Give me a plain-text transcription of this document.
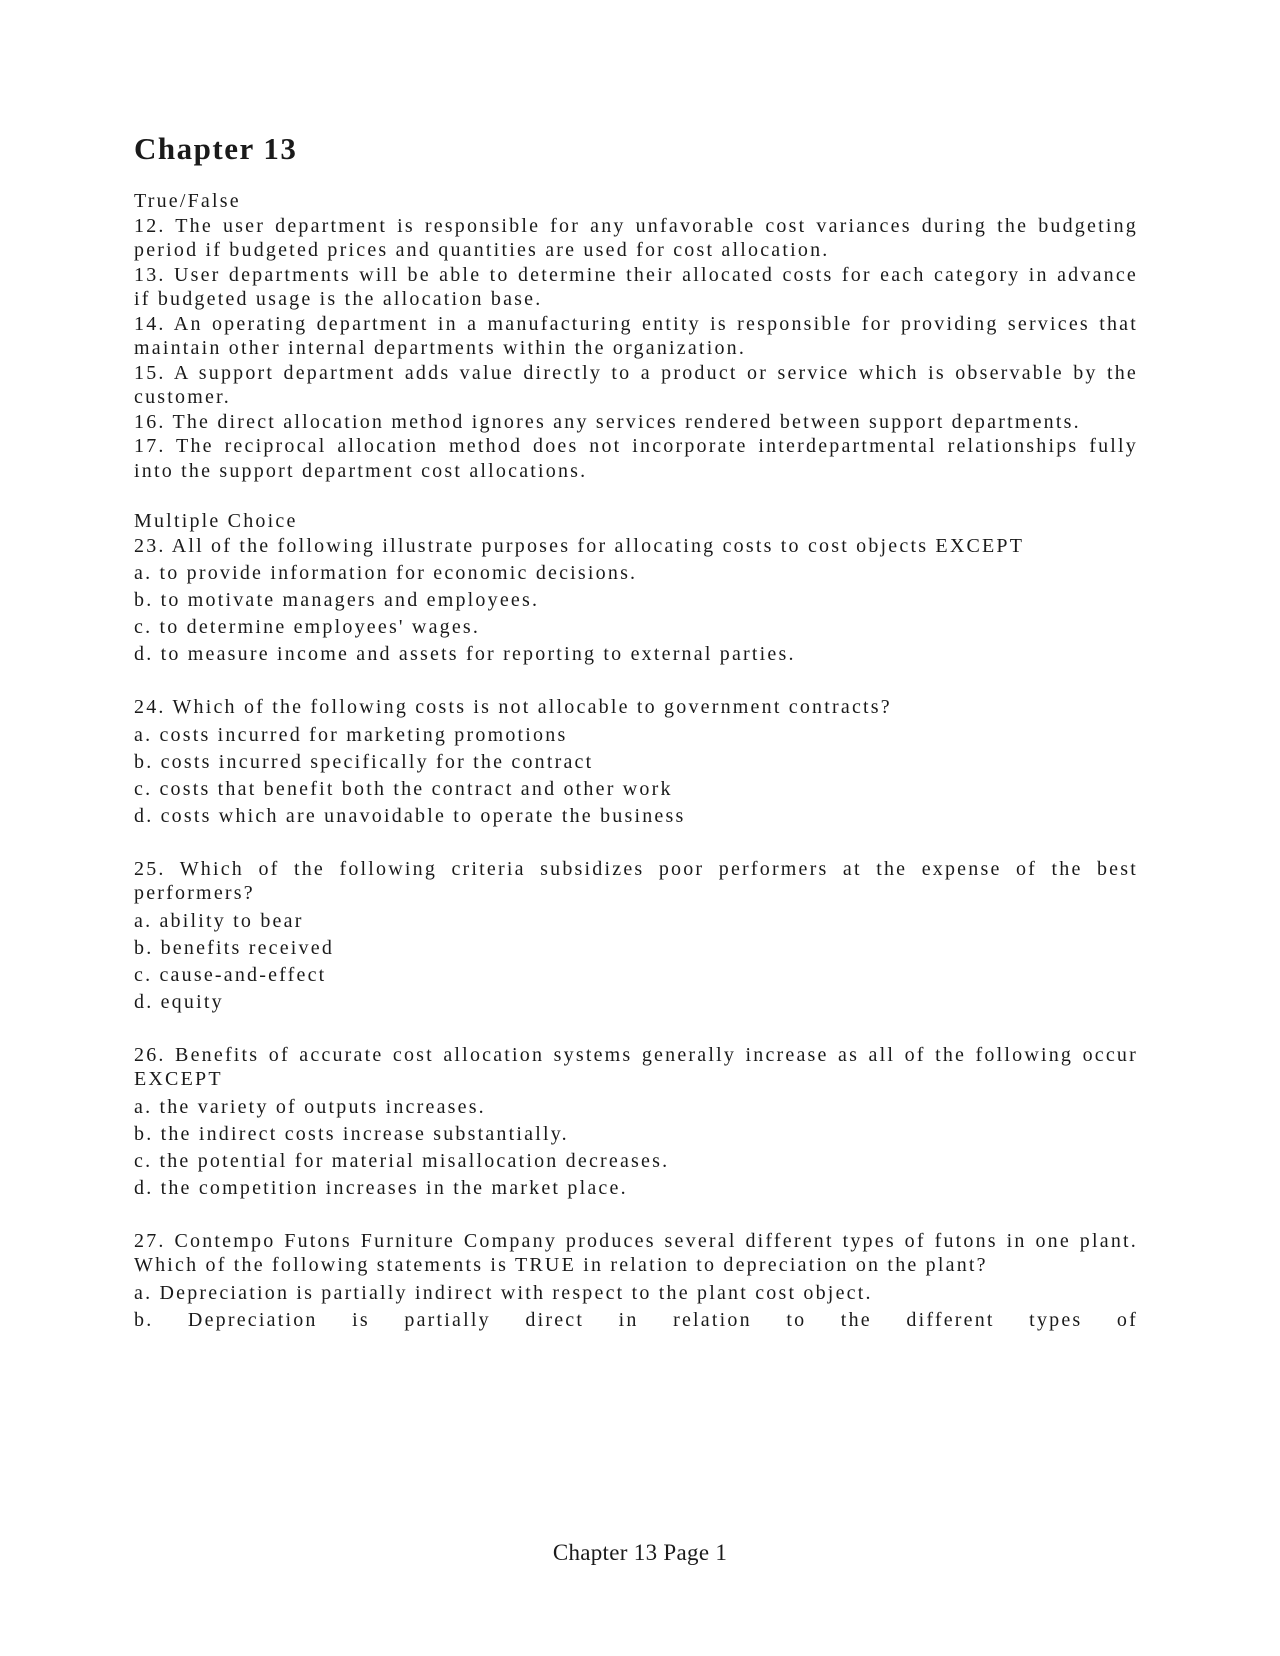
Chapter 13

True/False

12. The user department is responsible for any unfavorable cost variances during the budgeting period if budgeted prices and quantities are used for cost allocation.

13. User departments will be able to determine their allocated costs for each category in advance if budgeted usage is the allocation base.

14. An operating department in a manufacturing entity is responsible for providing services that maintain other internal departments within the organization.

15. A support department adds value directly to a product or service which is observable by the customer.

16. The direct allocation method ignores any services rendered between support departments.

17. The reciprocal allocation method does not incorporate interdepartmental relationships fully into the support department cost allocations.

Multiple Choice

23. All of the following illustrate purposes for allocating costs to cost objects EXCEPT

a. to provide information for economic decisions.

b. to motivate managers and employees.

c. to determine employees' wages.

d. to measure income and assets for reporting to external parties.

24. Which of the following costs is not allocable to government contracts?

a. costs incurred for marketing promotions

b. costs incurred specifically for the contract

c. costs that benefit both the contract and other work

d. costs which are unavoidable to operate the business

25. Which of the following criteria subsidizes poor performers at the expense of the best performers?

a. ability to bear

b. benefits received

c. cause-and-effect

d. equity

26. Benefits of accurate cost allocation systems generally increase as all of the following occur EXCEPT

a. the variety of outputs increases.

b. the indirect costs increase substantially.

c. the potential for material misallocation decreases.

d. the competition increases in the market place.

27. Contempo Futons Furniture Company produces several different types of futons in one plant. Which of the following statements is TRUE in relation to depreciation on the plant?

a. Depreciation is partially indirect with respect to the plant cost object.

b. Depreciation is partially direct in relation to the different types of

Chapter 13 Page 1
